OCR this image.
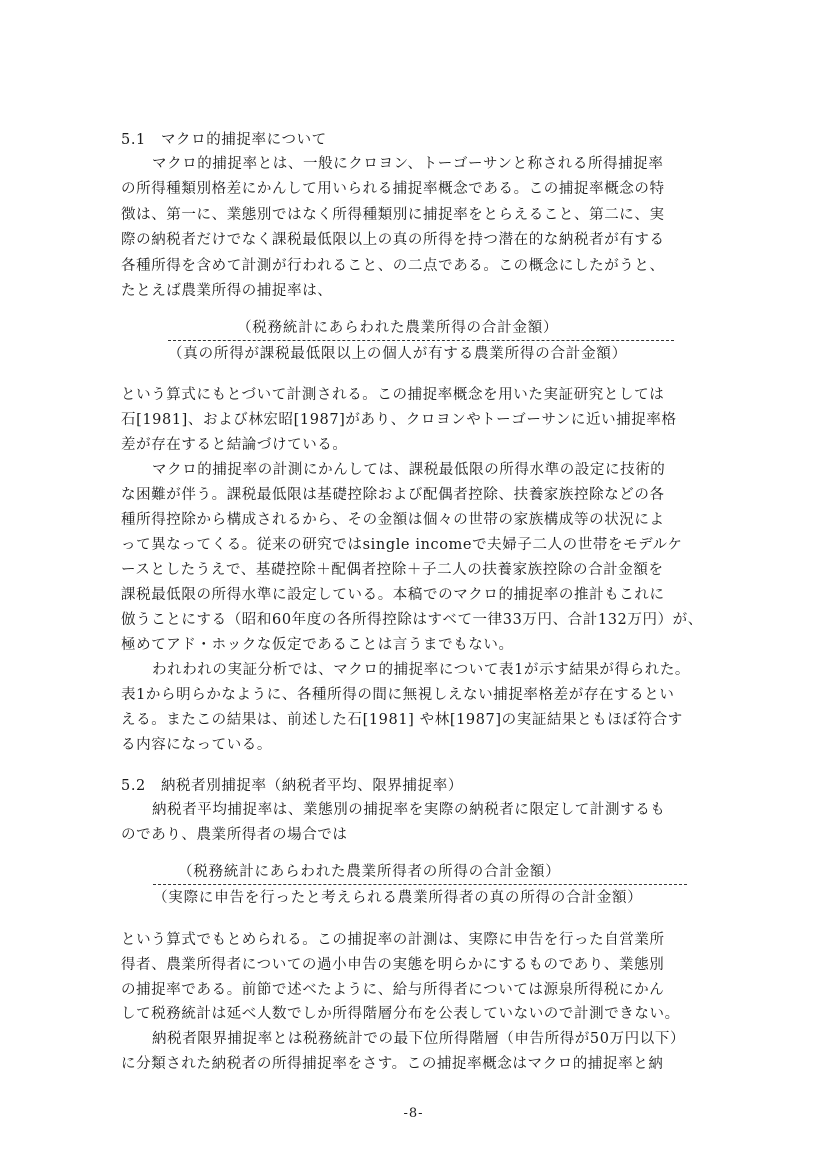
5.1　マクロ的捕捉率について
マクロ的捕捉率とは、一般にクロヨン、トーゴーサンと称される所得捕捉率
の所得種類別格差にかんして用いられる捕捉率概念である。この捕捉率概念の特
徴は、第一に、業態別ではなく所得種類別に捕捉率をとらえること、第二に、実
際の納税者だけでなく課税最低限以上の真の所得を持つ潜在的な納税者が有する
各種所得を含めて計測が行われること、の二点である。この概念にしたがうと、
たとえば農業所得の捕捉率は、
（税務統計にあらわれた農業所得の合計金額）
（真の所得が課税最低限以上の個人が有する農業所得の合計金額）
という算式にもとづいて計測される。この捕捉率概念を用いた実証研究としては
石[1981]、および林宏昭[1987]があり、クロヨンやトーゴーサンに近い捕捉率格
差が存在すると結論づけている。
マクロ的捕捉率の計測にかんしては、課税最低限の所得水準の設定に技術的
な困難が伴う。課税最低限は基礎控除および配偶者控除、扶養家族控除などの各
種所得控除から構成されるから、その金額は個々の世帯の家族構成等の状況によ
って異なってくる。従来の研究ではsingle incomeで夫婦子二人の世帯をモデルケ
ースとしたうえで、基礎控除＋配偶者控除＋子二人の扶養家族控除の合計金額を
課税最低限の所得水準に設定している。本稿でのマクロ的捕捉率の推計もこれに
倣うことにする（昭和60年度の各所得控除はすべて一律33万円、合計132万円）が、
極めてアド・ホックな仮定であることは言うまでもない。
われわれの実証分析では、マクロ的捕捉率について表1が示す結果が得られた。
表1から明らかなように、各種所得の間に無視しえない捕捉率格差が存在するとい
える。またこの結果は、前述した石[1981] や林[1987]の実証結果ともほぼ符合す
る内容になっている。
5.2　納税者別捕捉率（納税者平均、限界捕捉率）
納税者平均捕捉率は、業態別の捕捉率を実際の納税者に限定して計測するも
のであり、農業所得者の場合では
（税務統計にあらわれた農業所得者の所得の合計金額）
（実際に申告を行ったと考えられる農業所得者の真の所得の合計金額）
という算式でもとめられる。この捕捉率の計測は、実際に申告を行った自営業所
得者、農業所得者についての過小申告の実態を明らかにするものであり、業態別
の捕捉率である。前節で述べたように、給与所得者については源泉所得税にかん
して税務統計は延べ人数でしか所得階層分布を公表していないので計測できない。
納税者限界捕捉率とは税務統計での最下位所得階層（申告所得が50万円以下）
に分類された納税者の所得捕捉率をさす。この捕捉率概念はマクロ的捕捉率と納
-8-
